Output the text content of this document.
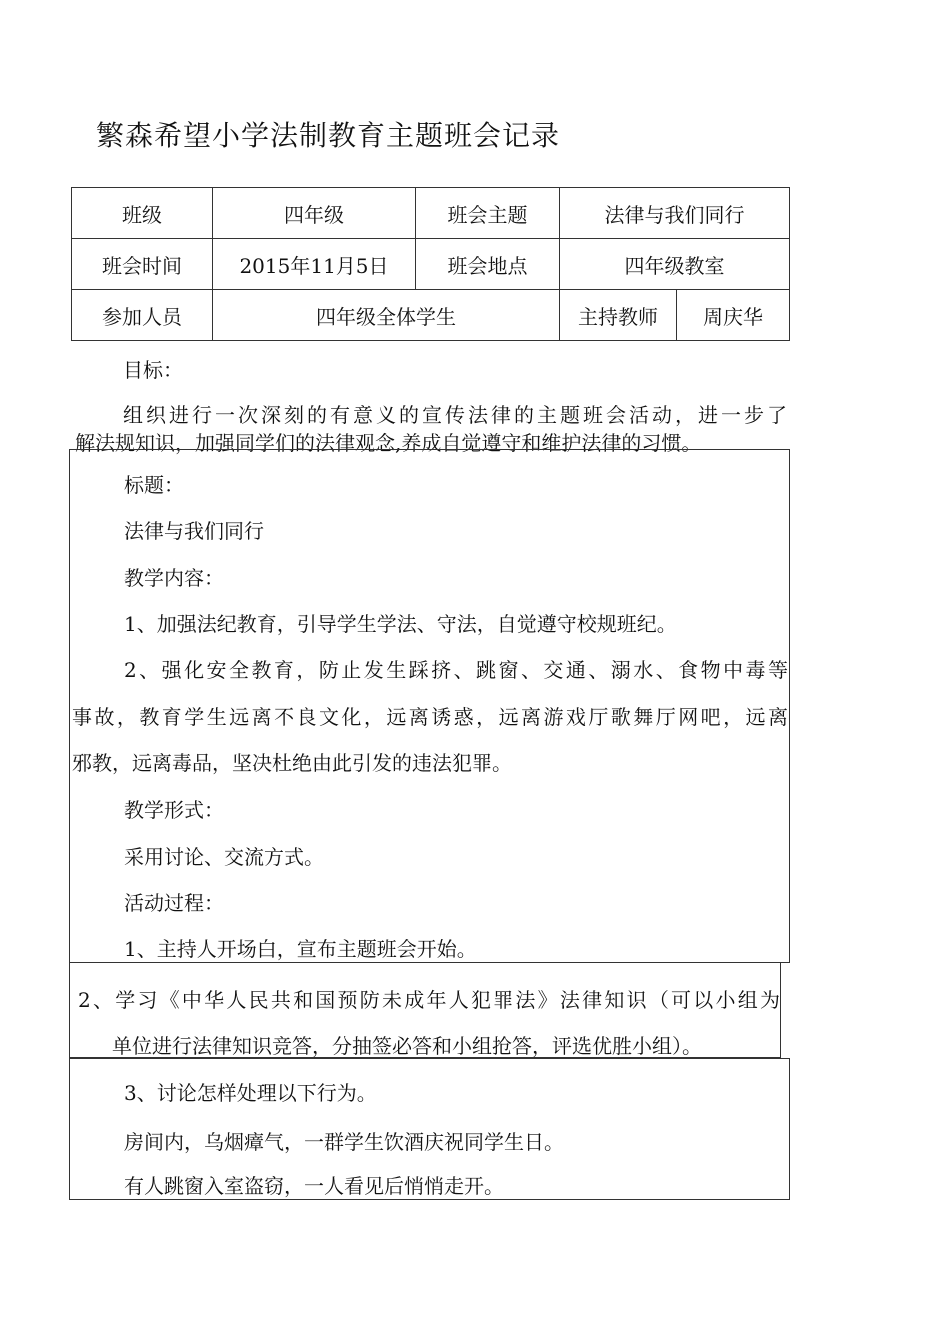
繁森希望小学法制教育主题班会记录
班级	四年级	班会主题	法律与我们同行	
班会时间	2015年11月5日	班会地点	四年级教室	
参加人员	四年级全体学生		主持教师	周庆华
目标：
组织进行一次深刻的有意义的宣传法律的主题班会活动，进一步了
解法规知识，加强同学们的法律观念,养成自觉遵守和维护法律的习惯。
标题：
法律与我们同行
教学内容：
1、加强法纪教育，引导学生学法、守法，自觉遵守校规班纪。
2、强化安全教育，防止发生踩挤、跳窗、交通、溺水、食物中毒等
事故，教育学生远离不良文化，远离诱惑，远离游戏厅歌舞厅网吧，远离
邪教，远离毒品，坚决杜绝由此引发的违法犯罪。
教学形式：
采用讨论、交流方式。
活动过程：
1、主持人开场白，宣布主题班会开始。
2、学习《中华人民共和国预防未成年人犯罪法》法律知识（可以小组为
单位进行法律知识竞答，分抽签必答和小组抢答，评选优胜小组）。
3、讨论怎样处理以下行为。
房间内，乌烟瘴气，一群学生饮酒庆祝同学生日。
有人跳窗入室盗窃，一人看见后悄悄走开。
